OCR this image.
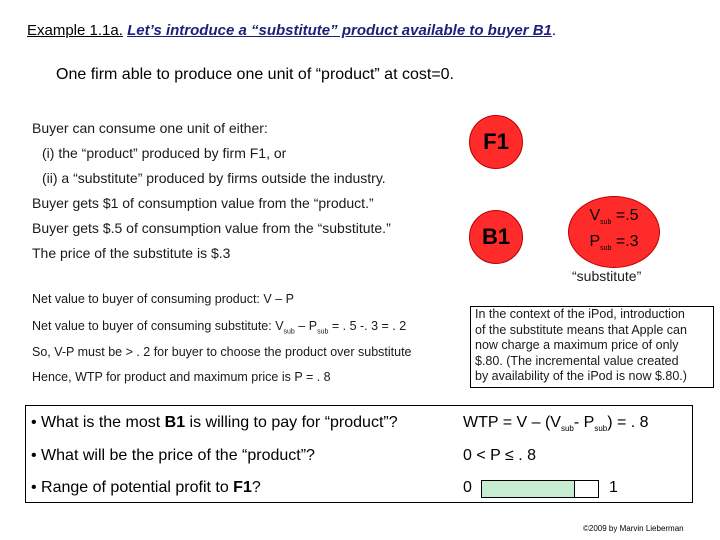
Example 1.1a. Let’s introduce a “substitute” product available to buyer B1.
One firm able to produce one unit of “product” at cost=0.
Buyer can consume one unit of either:
(i) the “product” produced by firm F1, or
(ii) a “substitute” produced by firms outside the industry.
Buyer gets $1 of consumption value from the “product.”
Buyer gets $.5 of consumption value from the “substitute.”
The price of the substitute is $.3
F1
B1
$V_{sub} =.5$
$P_{sub} =.3$
“substitute”
Net value to buyer of consuming product: V – P
Net value to buyer of consuming substitute: $V_{sub} - P_{sub}$ = . 5 -. 3 = . 2
So, V-P must be > . 2 for buyer to choose the product over substitute
Hence, WTP for product and maximum price is P = . 8
In the context of the iPod, introduction
of the substitute means that Apple can
now charge a maximum price of only
$.80. (The incremental value created
by availability of the iPod is now $.80.)
• What is the most B1 is willing to pay for “product”?	WTP = V – ($V_{sub}-$ $P_{sub}$) = . 8
• What will be the price of the “product”?	0 < P ≤ . 8
• Range of potential profit to F1?	0	1
©2009 by Marvin Lieberman
